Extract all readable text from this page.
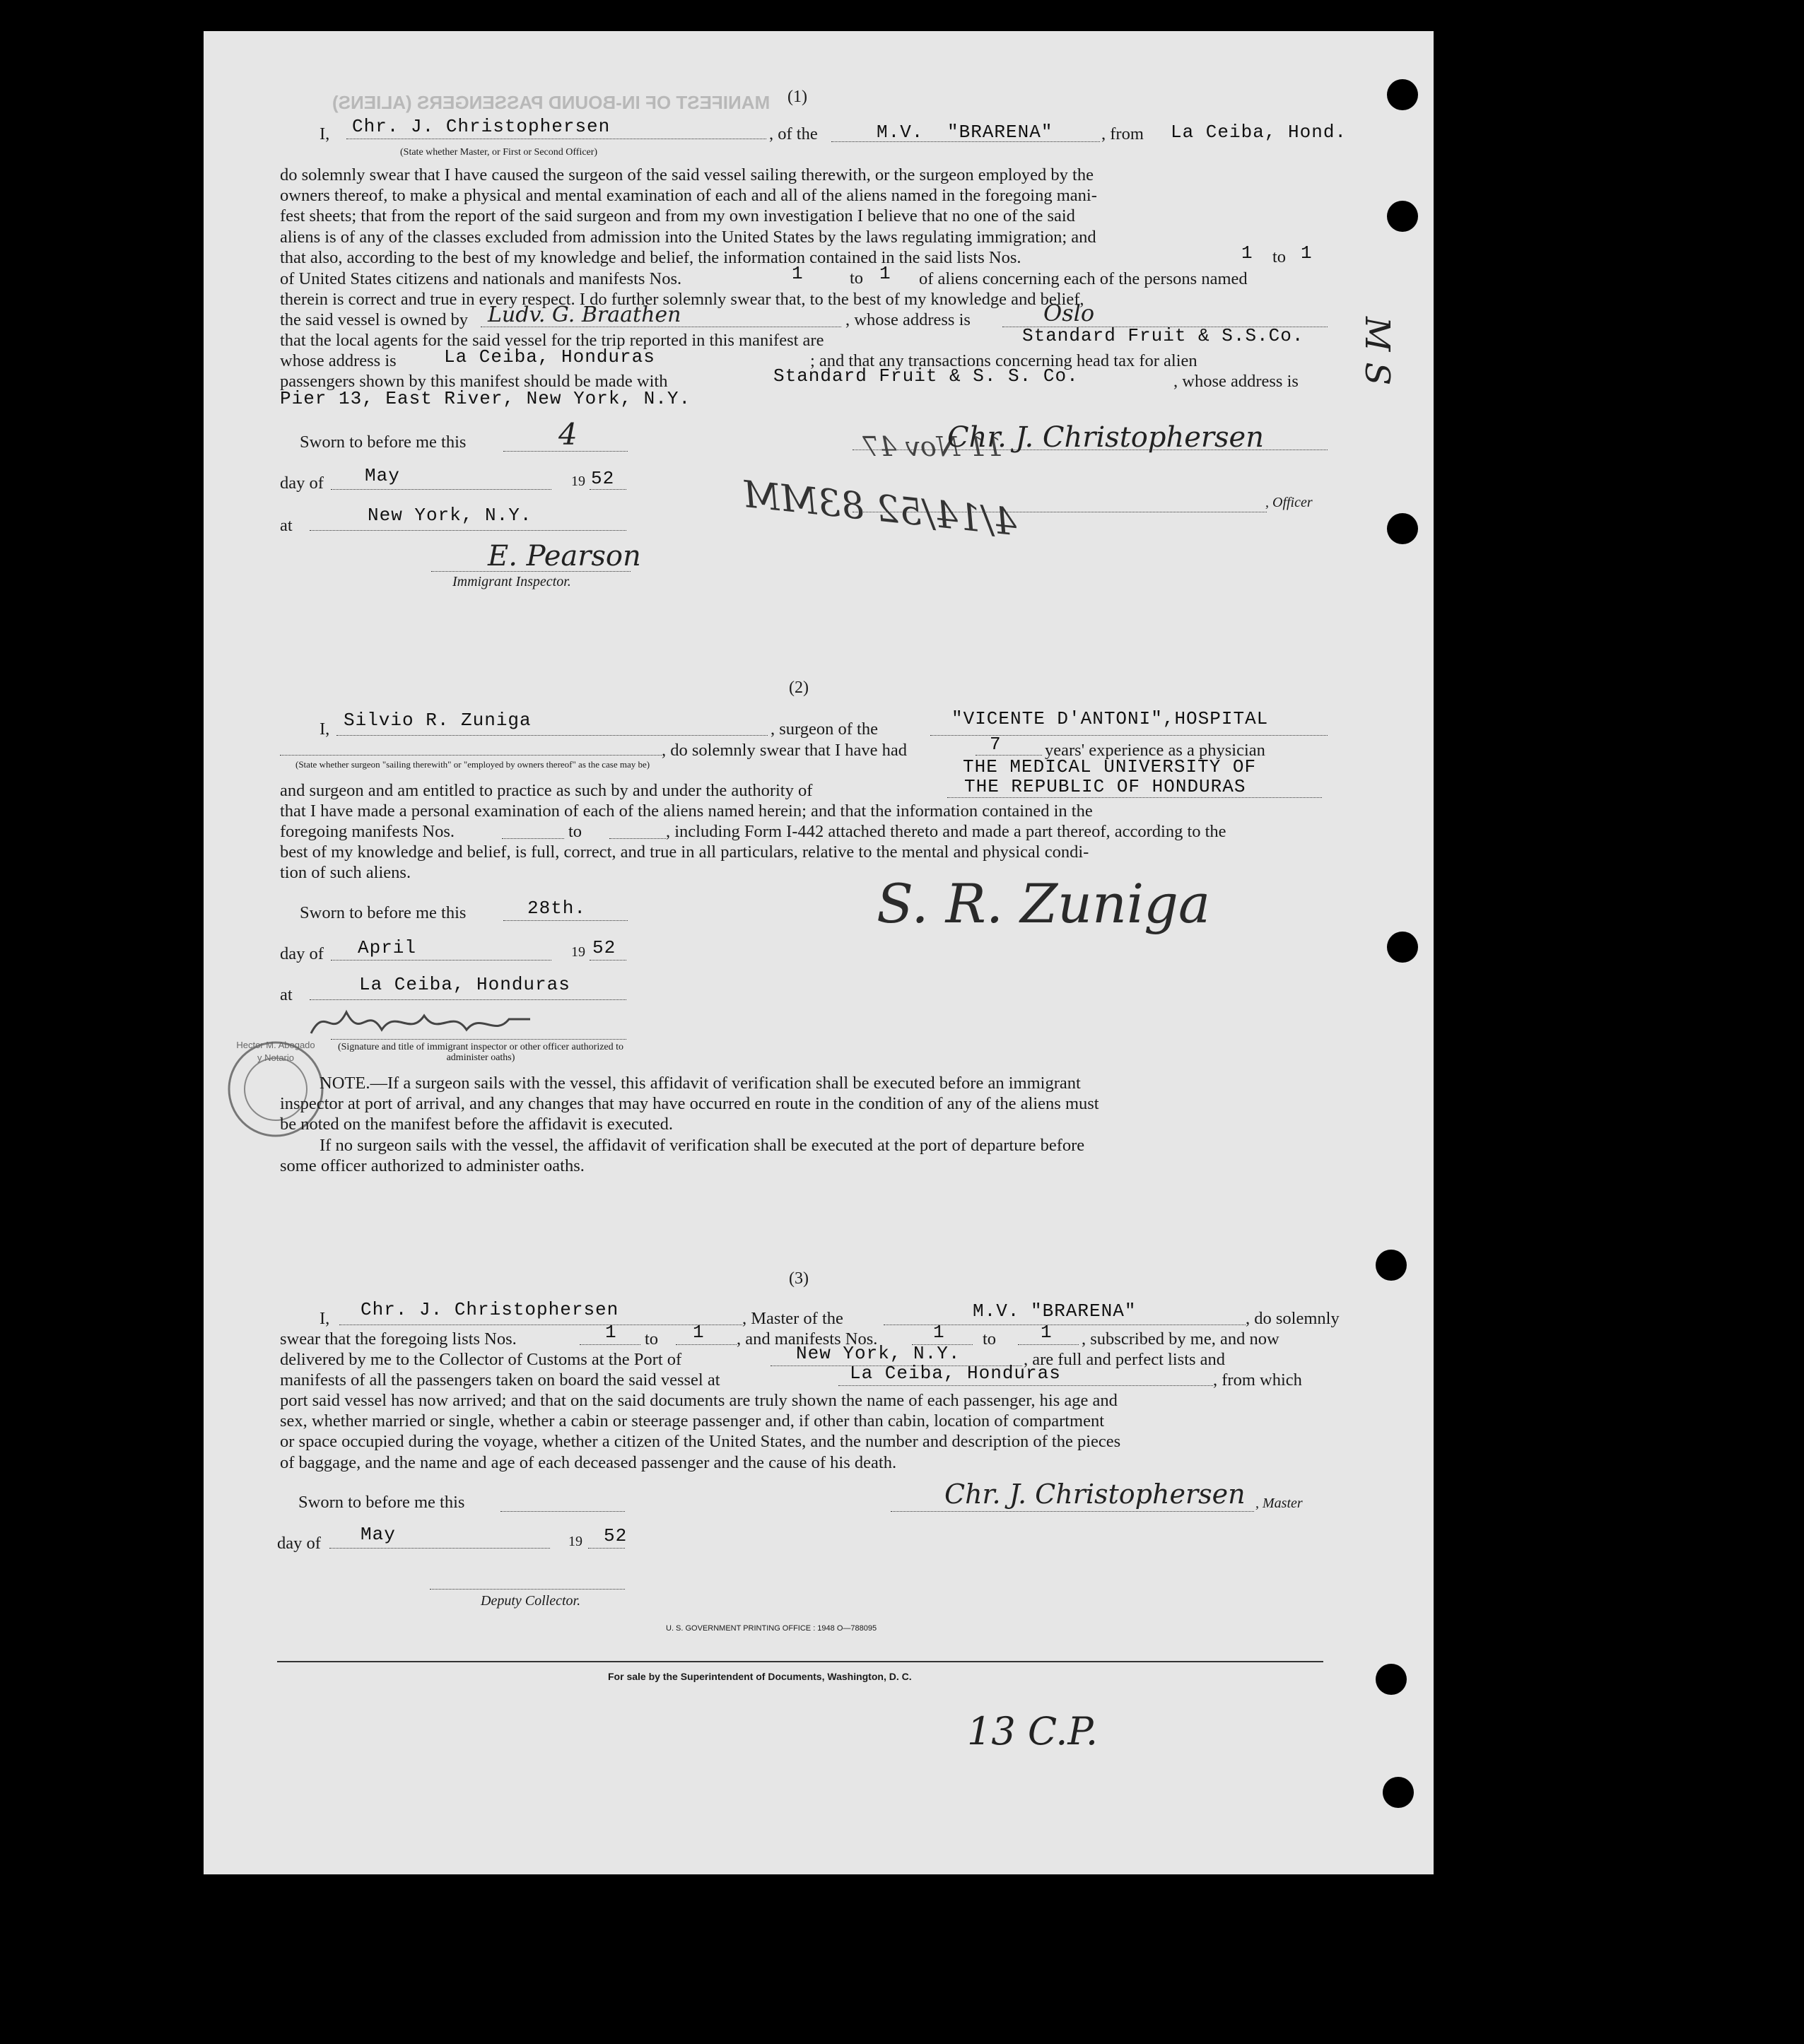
MANIFEST OF IN-BOUND PASSENGERS (ALIENS) (1)
I, Chr. J. Christophersen
(State whether Master, or First or Second Officer)
, of the	M.V. "BRARENA"	, from La Ceiba, Hond.
do solemnly swear that I have caused the surgeon of the said vessel sailing therewith, or the surgeon employed by the
owners thereof, to make a physical and mental examination of each and all of the aliens named in the foregoing mani-
fest sheets; that from the report of the said surgeon and from my own investigation I believe that no one of the said
aliens is of any of the classes excluded from admission into the United States by the laws regulating immigration; and
that also, according to the best of my knowledge and belief, the information contained in the said lists Nos.	1 to 1
of United States citizens and nationals and manifests Nos.	1	to 1 of aliens concerning each of the persons named
therein is correct and true in every respect. I do further solemnly swear that, to the best of my knowledge and belief,
the said vessel is owned by Ludv. G. Braathen	, whose address is	Oslo
that the local agents for the said vessel for the trip reported in this manifest are	Standard Fruit & S.S.Co.
whose address is	La Ceiba, Honduras	; and that any transactions concerning head tax for alien
passengers shown by this manifest should be made with	Standard Fruit & S. S. Co.	, whose address is
Pier 13, East River, New York, N.Y.
M S
11 Nov 47
4/14/52 83MM
Sworn to before me this	4
day of May	19 52
at	New York, N.Y.
E. Pearson
Immigrant Inspector.
Chr. J. Christophersen
, Officer
(2)
I, Silvio R. Zuniga	, surgeon of the	"VICENTE D'ANTONI",HOSPITAL
(State whether surgeon "sailing therewith" or "employed by owners thereof" as the case may be)
, do solemnly swear that I have had	7	years' experience as a physician
THE MEDICAL UNIVERSITY OF
and surgeon and am entitled to practice as such by and under the authority of	THE REPUBLIC OF HONDURAS
that I have made a personal examination of each of the aliens named herein; and that the information contained in the
foregoing manifests Nos.	to	, including Form I-442 attached thereto and made a part thereof, according to the
best of my knowledge and belief, is full, correct, and true in all particulars, relative to the mental and physical condi-
tion of such aliens.	S. R. Zuniga
Sworn to before me this	28th.
day of April	19 52
at	La Ceiba, Honduras
(Signature and title of immigrant inspector or other officer authorized to administer oaths)
Hector M. Abogado y Notario
NOTE.—If a surgeon sails with the vessel, this affidavit of verification shall be executed before an immigrant
inspector at port of arrival, and any changes that may have occurred en route in the condition of any of the aliens must
be noted on the manifest before the affidavit is executed.
If no surgeon sails with the vessel, the affidavit of verification shall be executed at the port of departure before
some officer authorized to administer oaths.
(3)
I, Chr. J. Christophersen	, Master of the	M.V. "BRARENA"	, do solemnly
swear that the foregoing lists Nos.	1 to 1 , and manifests Nos.	1 to 1 , subscribed by me, and now
delivered by me to the Collector of Customs at the Port of	New York, N.Y.	, are full and perfect lists and
manifests of all the passengers taken on board the said vessel at	La Ceiba, Honduras	, from which
port said vessel has now arrived; and that on the said documents are truly shown the name of each passenger, his age and
sex, whether married or single, whether a cabin or steerage passenger and, if other than cabin, location of compartment
or space occupied during the voyage, whether a citizen of the United States, and the number and description of the pieces
of baggage, and the name and age of each deceased passenger and the cause of his death.
Sworn to before me this
day of May	19 52
Deputy Collector.
Chr. J. Christophersen , Master
U. S. GOVERNMENT PRINTING OFFICE : 1948 O—788095
For sale by the Superintendent of Documents, Washington, D. C.
13 C.P.
